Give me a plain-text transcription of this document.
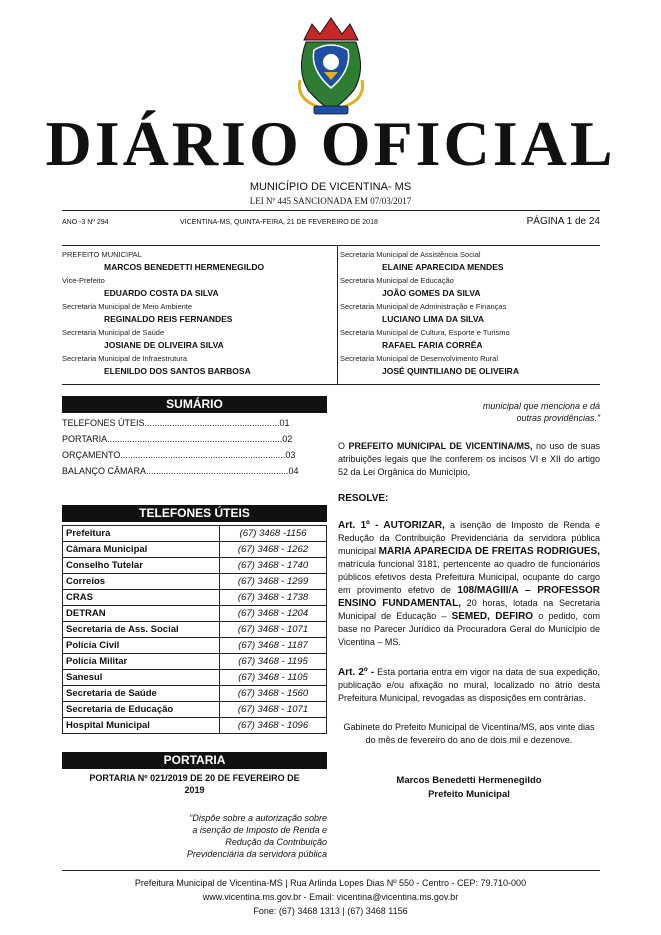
DIÁRIO OFICIAL
MUNICÍPIO DE VICENTINA- MS
LEI Nº 445 SANCIONADA EM 07/03/2017
ANO -3 Nº 294	VICENTINA-MS, QUINTA-FEIRA, 21 DE FEVEREIRO DE 2018	PÁGINA 1 de 24
PREFEITO MUNICIPAL
MARCOS BENEDETTI HERMENEGILDO
Vice-Prefeito
EDUARDO COSTA DA SILVA
Secretaria Municipal de Meio Ambiente
REGINALDO REIS FERNANDES
Secretaria Municipal de Saúde
JOSIANE DE OLIVEIRA SILVA
Secretaria Municipal de Infraestrutura
ELENILDO DOS SANTOS BARBOSA
Secretaria Municipal de Assistência Social
ELAINE APARECIDA MENDES
Secretaria Municipal de Educação
JOÃO GOMES DA SILVA
Secretaria Municipal de Administração e Finanças
LUCIANO LIMA DA SILVA
Secretaria Municipal de Cultura, Esporte e Turismo
RAFAEL FARIA CORRÊA
Secretaria Municipal de Desenvolvimento Rural
JOSÉ QUINTILIANO DE OLIVEIRA
SUMÁRIO
TELEFONES ÚTEIS......................................................01
PORTARIA......................................................................02
ORÇAMENTO..................................................................03
BALANÇO CÂMARA.........................................................04
TELEFONES ÚTEIS
Prefeitura	(67) 3468 -1156
Câmara Municipal	(67) 3468 - 1262
Conselho Tutelar	(67) 3468 - 1740
Correios	(67) 3468 - 1299
CRAS	(67) 3468 - 1738
DETRAN	(67) 3468 - 1204
Secretaria de Ass. Social	(67) 3468 - 1071
Polícia Civil	(67) 3468 - 1187
Polícia Militar	(67) 3468 - 1195
Sanesul	(67) 3468 - 1105
Secretaria de Saúde	(67) 3468 - 1560
Secretaria de Educação	(67) 3468 - 1071
Hospital Municipal	(67) 3468 - 1096
PORTARIA
PORTARIA Nº 021/2019 DE 20 DE FEVEREIRO DE
2019
“Dispõe sobre a autorização sobre
a isenção de Imposto de Renda e
Redução da Contribuição
Previdenciária da servidora pública
municipal que menciona e dá
outras providências.”
O PREFEITO MUNICIPAL DE VICENTINA/MS, no uso de suas atribuições legais que lhe conferem os incisos VI e XII do artigo 52 da Lei Orgânica do Município,
RESOLVE:
Art. 1º - AUTORIZAR, a isenção de Imposto de Renda e Redução da Contribuição Previdenciária da servidora pública municipal MARIA APARECIDA DE FREITAS RODRIGUES, matrícula funcional 3181, pertencente ao quadro de funcionários públicos efetivos desta Prefeitura Municipal, ocupante do cargo em provimento efetivo de 108/MAGIII/A – PROFESSOR ENSINO FUNDAMENTAL, 20 horas, lotada na Secretaria Municipal de Educação – SEMED, DEFIRO o pedido, com base no Parecer Jurídico da Procuradora Geral do Município de Vicentina – MS.
Art. 2º - Esta portaria entra em vigor na data de sua expedição, publicação e/ou afixação no mural, localizado no átrio desta Prefeitura Municipal, revogadas as disposições em contrárias.
Gabinete do Prefeito Municipal de Vicentina/MS, aos vinte dias do mês de fevereiro do ano de dois mil e dezenove.
Marcos Benedetti Hermenegildo
Prefeito Municipal
Prefeitura Municipal de Vicentina-MS | Rua Arlinda Lopes Dias Nº 550 - Centro - CEP: 79.710-000
www.vicentina.ms.gov.br - Email: vicentina@vicentina.ms.gov.br
Fone: (67) 3468 1313 | (67) 3468 1156
